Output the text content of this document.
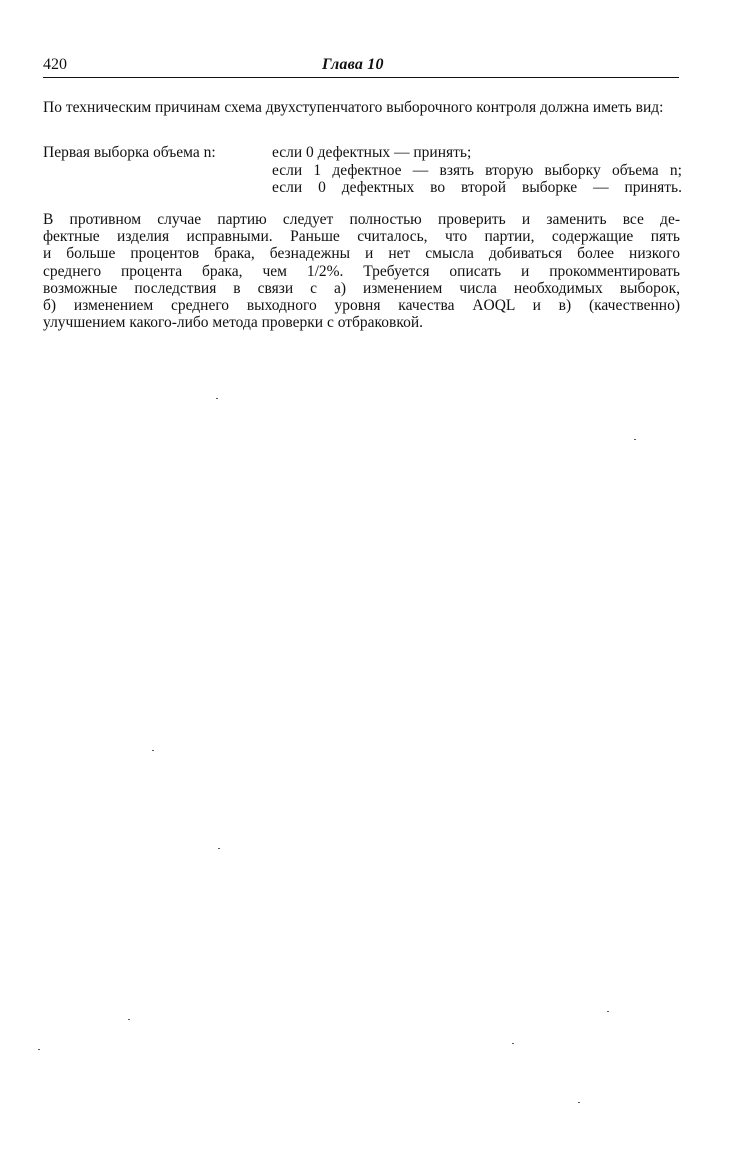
420	Глава 10
По техническим причинам схема двухступенчатого выборочного контроля должна иметь вид:
Первая выборка объема n:	если 0 дефектных — принять;
если 1 дефектное — взять вторую выборку объема n;
если 0 дефектных во второй выборке — принять.
В противном случае партию следует полностью проверить и заменить все де-
фектные изделия исправными. Раньше считалось, что партии, содержащие пять
и больше процентов брака, безнадежны и нет смысла добиваться более низкого
среднего процента брака, чем 1/2%. Требуется описать и прокомментировать
возможные последствия в связи с а) изменением числа необходимых выборок,
б) изменением среднего выходного уровня качества AOQL и в) (качественно)
улучшением какого-либо метода проверки с отбраковкой.
